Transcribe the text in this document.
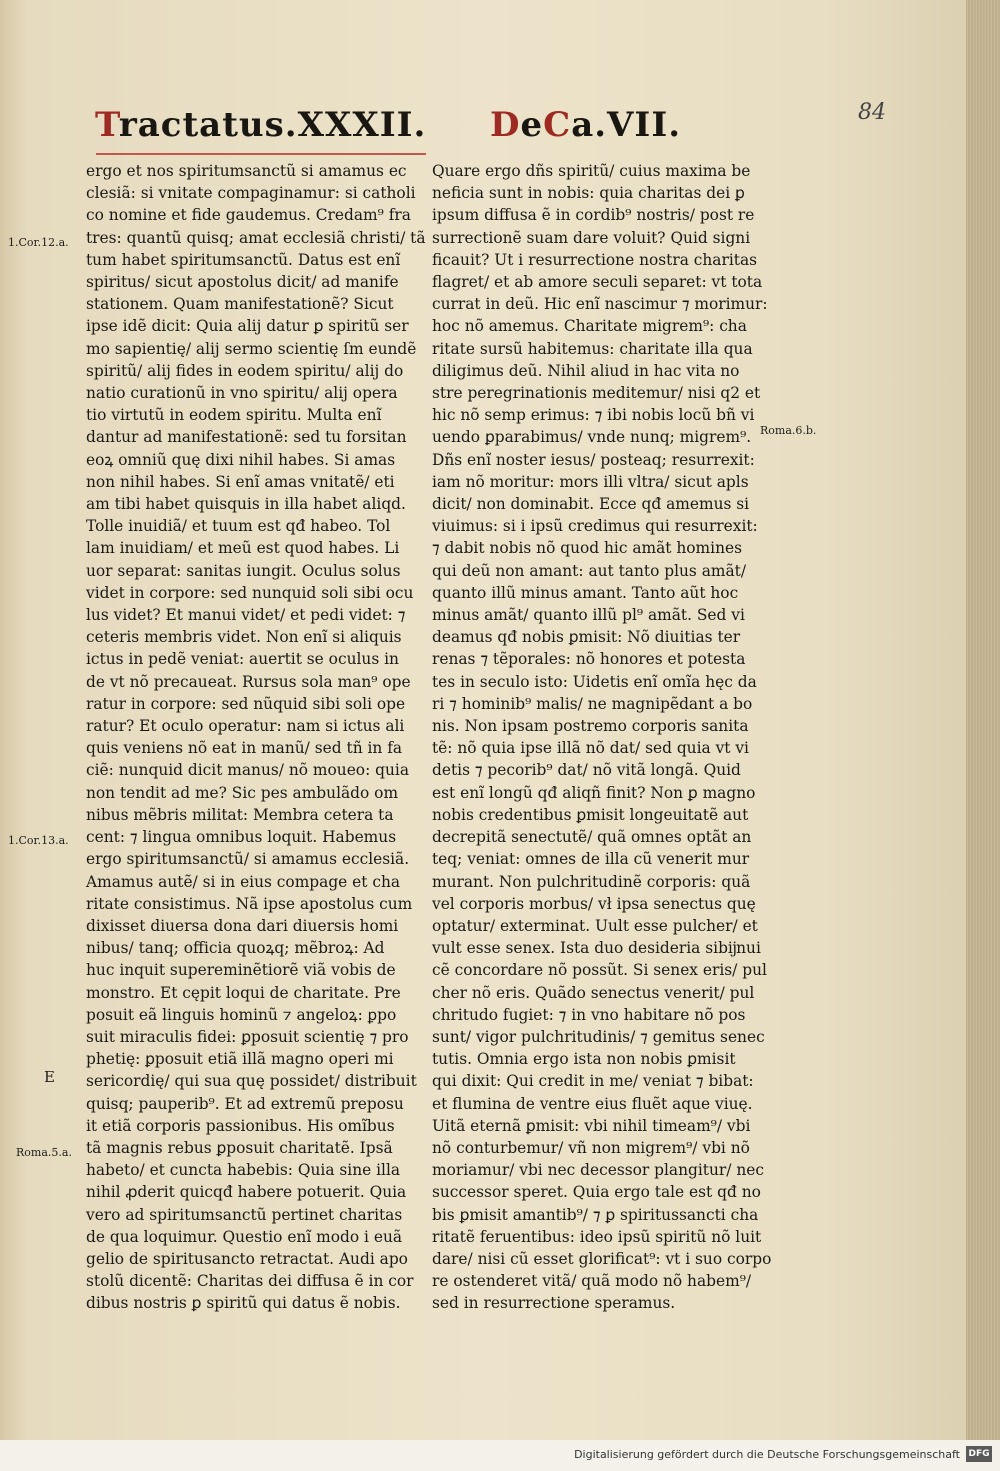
Tractatus.XXXII. DeCa.VII.	84
ergo et nos spiritumsanctũ si amamus ec
clesiã: si vnitate compaginamur: si catholi
co nomine et fide gaudemus. Credam⁹ fra
tres: quantũ quisq; amat ecclesiã christi/ tã
tum habet spiritumsanctũ. Datus est enĩ
spiritus/ sicut apostolus dicit/ ad manife
stationem. Quam manifestationẽ? Sicut
ipse idẽ dicit: Quia alij datur ꝑ spiritũ ser
mo sapientię/ alij sermo scientię ſm eundẽ
spiritũ/ alij fides in eodem spiritu/ alij do
natio curationũ in vno spiritu/ alij opera
tio virtutũ in eodem spiritu. Multa enĩ
dantur ad manifestationẽ: sed tu forsitan
eoꝝ omniũ quę dixi nihil habes. Si amas
non nihil habes. Si enĩ amas vnitatẽ/ eti
am tibi habet quisquis in illa habet aliqd.
Tolle inuidiã/ et tuum est qđ habeo. Tol
lam inuidiam/ et meũ est quod habes. Li
uor separat: sanitas iungit. Oculus solus
videt in corpore: sed nunquid soli sibi ocu
lus videt? Et manui videt/ et pedi videt: ⁊
ceteris membris videt. Non enĩ si aliquis
ictus in pedẽ veniat: auertit se oculus in
de vt nõ precaueat. Rursus sola man⁹ ope
ratur in corpore: sed nũquid sibi soli ope
ratur? Et oculo operatur: nam si ictus ali
quis veniens nõ eat in manũ/ sed tñ in fa
ciẽ: nunquid dicit manus/ nõ moueo: quia
non tendit ad me? Sic pes ambulãdo om
nibus mẽbris militat: Membra cetera ta
cent: ⁊ lingua omnibus loquit. Habemus
ergo spiritumsanctũ/ si amamus ecclesiã.
Amamus autẽ/ si in eius compage et cha
ritate consistimus. Nã ipse apostolus cum
dixisset diuersa dona dari diuersis homi
nibus/ tanq; officia quoꝝq; mẽbroꝝ: Ad
huc inquit supereminẽtiorẽ viã vobis de
monstro. Et cępit loqui de charitate. Pre
posuit eã linguis hominũ ⁊ angeloꝝ: ꝑpo
suit miraculis fidei: ꝑposuit scientię ⁊ pro
phetię: ꝑposuit etiã illã magno operi mi
sericordię/ qui sua quę possidet/ distribuit
quisq; pauperib⁹. Et ad extremũ preposu
it etiã corporis passionibus. His omĩbus
tã magnis rebus ꝑposuit charitatẽ. Ipsã
habeto/ et cuncta habebis: Quia sine illa
nihil ꝓderit quicqđ habere potuerit. Quia
vero ad spiritumsanctũ pertinet charitas
de qua loquimur. Questio enĩ modo i euã
gelio de spiritusancto retractat. Audi apo
stolũ dicentẽ: Charitas dei diffusa ẽ in cor
dibus nostris ꝑ spiritũ qui datus ẽ nobis.
Quare ergo dñs spiritũ/ cuius maxima be
neficia sunt in nobis: quia charitas dei ꝑ
ipsum diffusa ẽ in cordib⁹ nostris/ post re
surrectionẽ suam dare voluit? Quid signi
ficauit? Ut i resurrectione nostra charitas
flagret/ et ab amore seculi separet: vt tota
currat in deũ. Hic enĩ nascimur ⁊ morimur:
hoc nõ amemus. Charitate migrem⁹: cha
ritate sursũ habitemus: charitate illa qua
diligimus deũ. Nihil aliud in hac vita no
stre peregrinationis meditemur/ nisi q2 et
hic nõ semp erimus: ⁊ ibi nobis locũ bñ vi
uendo ꝑparabimus/ vnde nunq; migrem⁹.
Dñs enĩ noster iesus/ posteaq; resurrexit:
iam nõ moritur: mors illi vltra/ sicut apls
dicit/ non dominabit. Ecce qđ amemus si
viuimus: si i ipsũ credimus qui resurrexit:
⁊ dabit nobis nõ quod hic amãt homines
qui deũ non amant: aut tanto plus amãt/
quanto illũ minus amant. Tanto aũt hoc
minus amãt/ quanto illũ pl⁹ amãt. Sed vi
deamus qđ nobis ꝑmisit: Nõ diuitias ter
renas ⁊ tẽporales: nõ honores et potesta
tes in seculo isto: Uidetis enĩ omĩa hęc da
ri ⁊ hominib⁹ malis/ ne magnipẽdant a bo
nis. Non ipsam postremo corporis sanita
tẽ: nõ quia ipse illã nõ dat/ sed quia vt vi
detis ⁊ pecorib⁹ dat/ nõ vitã longã. Quid
est enĩ longũ qđ aliqñ finit? Non ꝑ magno
nobis credentibus ꝑmisit longeuitatẽ aut
decrepitã senectutẽ/ quã omnes optãt an
teq; veniat: omnes de illa cũ venerit mur
murant. Non pulchritudinẽ corporis: quã
vel corporis morbus/ vł ipsa senectus quę
optatur/ exterminat. Uult esse pulcher/ et
vult esse senex. Ista duo desideria sibĳnui
cẽ concordare nõ possũt. Si senex eris/ pul
cher nõ eris. Quãdo senectus venerit/ pul
chritudo fugiet: ⁊ in vno habitare nõ pos
sunt/ vigor pulchritudinis/ ⁊ gemitus senec
tutis. Omnia ergo ista non nobis ꝑmisit
qui dixit: Qui credit in me/ veniat ⁊ bibat:
et flumina de ventre eius fluẽt aque viuę.
Uitã eternã ꝑmisit: vbi nihil timeam⁹/ vbi
nõ conturbemur/ vñ non migrem⁹/ vbi nõ
moriamur/ vbi nec decessor plangitur/ nec
successor speret. Quia ergo tale est qđ no
bis ꝑmisit amantib⁹/ ⁊ ꝑ spiritussancti cha
ritatẽ feruentibus: ideo ipsũ spiritũ nõ luit
dare/ nisi cũ esset glorificat⁹: vt i suo corpo
re ostenderet vitã/ quã modo nõ habem⁹/
sed in resurrectione speramus.
1.Cor.12.a.
Roma.6.b.
1.Cor.13.a.
E
Roma.5.a.
Digitalisierung gefördert durch die Deutsche Forschungsgemeinschaft DFG
